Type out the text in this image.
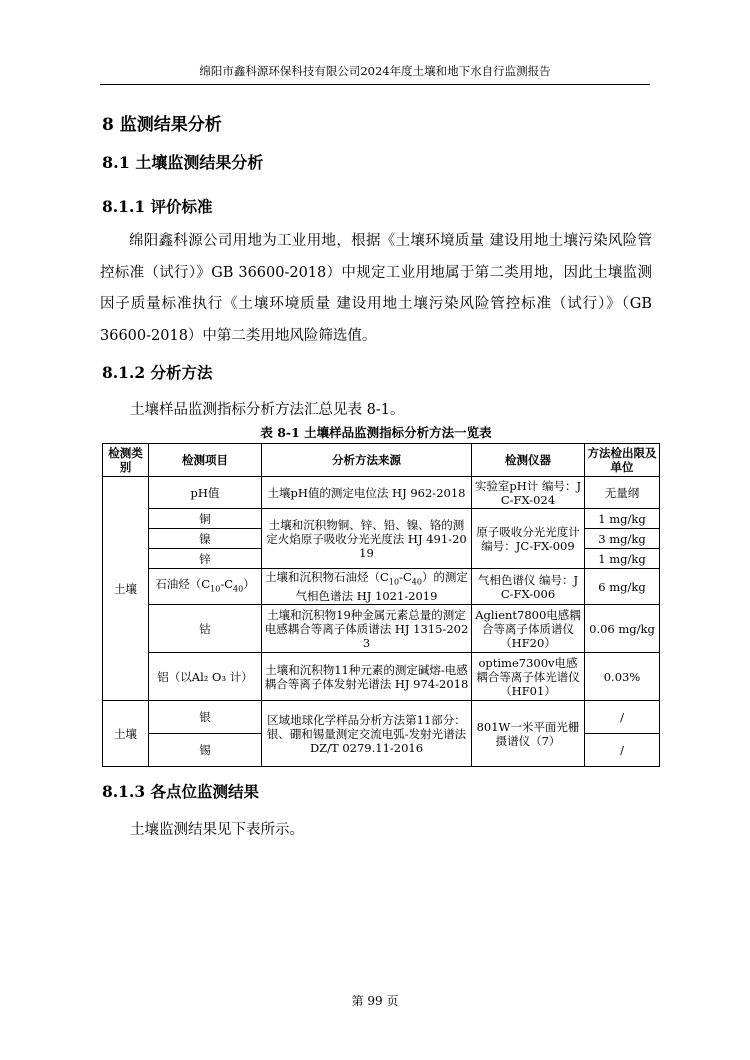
绵阳市鑫科源环保科技有限公司2024年度土壤和地下水自行监测报告
8 监测结果分析
8.1 土壤监测结果分析
8.1.1 评价标准
绵阳鑫科源公司用地为工业用地，根据《土壤环境质量 建设用地土壤污染风险管控标准（试行）》GB 36600-2018）中规定工业用地属于第二类用地，因此土壤监测因子质量标准执行《土壤环境质量 建设用地土壤污染风险管控标准（试行）》（GB 36600-2018）中第二类用地风险筛选值。
8.1.2 分析方法
土壤样品监测指标分析方法汇总见表 8-1。
表 8-1 土壤样品监测指标分析方法一览表
检测类别	检测项目	分析方法来源	检测仪器	方法检出限及单位
土壤	pH值	土壤pH值的测定电位法 HJ 962-2018	实验室pH计 编号：JC-FX-024	无量纲
	铜	土壤和沉积物铜、锌、铅、镍、铬的测定火焰原子吸收分光光度法 HJ 491-2019	原子吸收分光光度计编号：JC-FX-009	1 mg/kg
	镍			3 mg/kg
	锌			1 mg/kg
	石油烃$(C_{10}-C_{40})$	土壤和沉积物石油烃$(C_{10}-C_{40})$的测定气相色谱法 HJ 1021-2019	气相色谱仪 编号：JC-FX-006	6 mg/kg
	钴	土壤和沉积物19种金属元素总量的测定电感耦合等离子体质谱法 HJ 1315-2023	Aglient7800电感耦合等离子体质谱仪（HF20）	0.06 mg/kg
	铝（以Al₂ O₃ 计）	土壤和沉积物11种元素的测定碱熔-电感耦合等离子体发射光谱法 HJ 974-2018	optime7300v电感耦合等离子体光谱仪（HF01）	0.03%
土壤	银	区域地球化学样品分析方法第11部分：银、硼和锡量测定交流电弧-发射光谱法 DZ/T 0279.11-2016	801W一米平面光栅摄谱仪（7）	/
	锡			/
8.1.3 各点位监测结果
土壤监测结果见下表所示。
第 99 页
